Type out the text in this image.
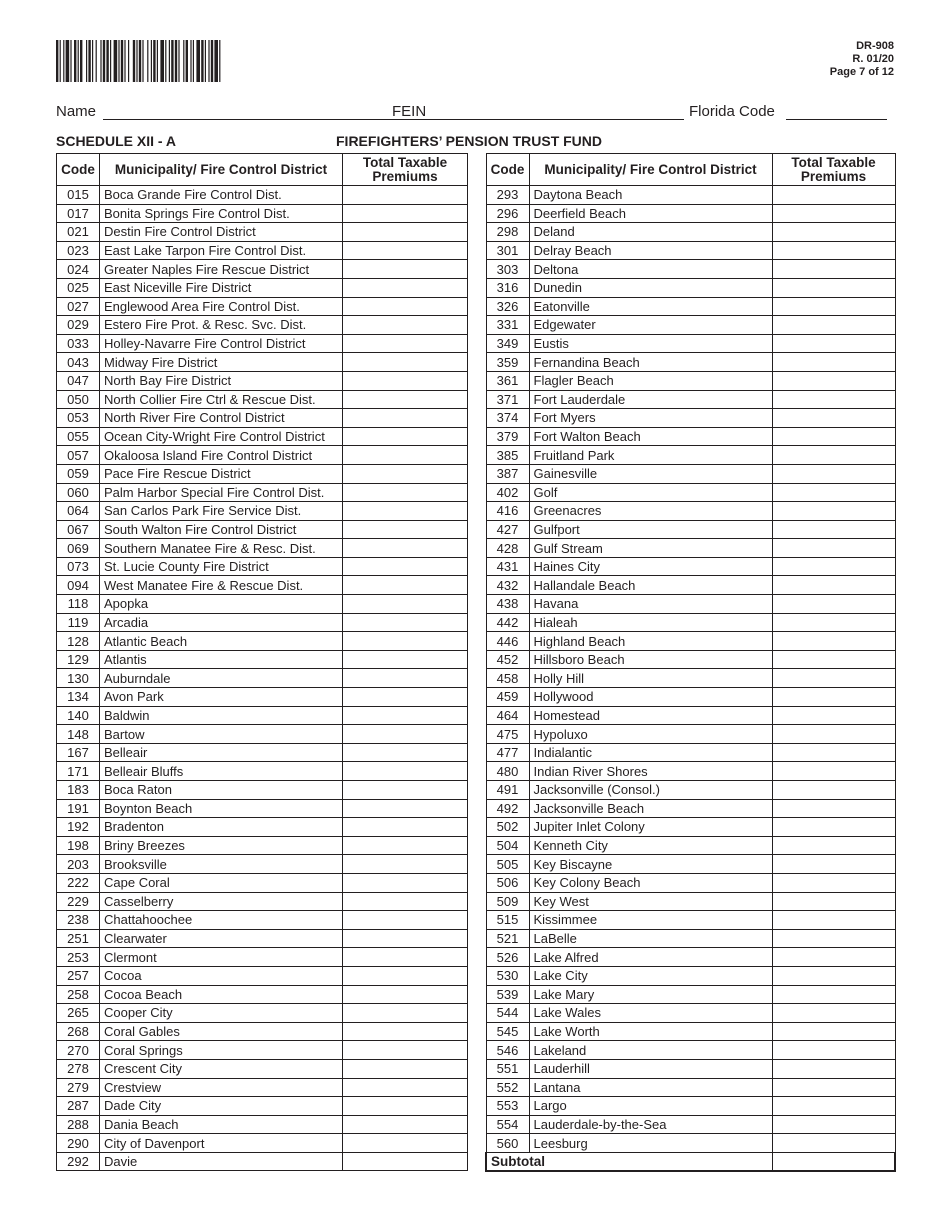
DR-908
R. 01/20
Page 7 of 12
Name	FEIN	Florida Code
SCHEDULE XII - A	FIREFIGHTERS’ PENSION TRUST FUND
Code	Municipality/ Fire Control District	Total Taxable Premiums
015	Boca Grande Fire Control Dist.	
017	Bonita Springs Fire Control Dist.	
021	Destin Fire Control District	
023	East Lake Tarpon Fire Control Dist.	
024	Greater Naples Fire Rescue District	
025	East Niceville Fire District	
027	Englewood Area Fire Control Dist.	
029	Estero Fire Prot. & Resc. Svc. Dist.	
033	Holley-Navarre Fire Control District	
043	Midway Fire District	
047	North Bay Fire District	
050	North Collier Fire Ctrl & Rescue Dist.	
053	North River Fire Control District	
055	Ocean City-Wright Fire Control District	
057	Okaloosa Island Fire Control District	
059	Pace Fire Rescue District	
060	Palm Harbor Special Fire Control Dist.	
064	San Carlos Park Fire Service Dist.	
067	South Walton Fire Control District	
069	Southern Manatee Fire & Resc. Dist.	
073	St. Lucie County Fire District	
094	West Manatee Fire & Rescue Dist.	
118	Apopka	
119	Arcadia	
128	Atlantic Beach	
129	Atlantis	
130	Auburndale	
134	Avon Park	
140	Baldwin	
148	Bartow	
167	Belleair	
171	Belleair Bluffs	
183	Boca Raton	
191	Boynton Beach	
192	Bradenton	
198	Briny Breezes	
203	Brooksville	
222	Cape Coral	
229	Casselberry	
238	Chattahoochee	
251	Clearwater	
253	Clermont	
257	Cocoa	
258	Cocoa Beach	
265	Cooper City	
268	Coral Gables	
270	Coral Springs	
278	Crescent City	
279	Crestview	
287	Dade City	
288	Dania Beach	
290	City of Davenport	
292	Davie	
Code	Municipality/ Fire Control District	Total Taxable Premiums
293	Daytona Beach	
296	Deerfield Beach	
298	Deland	
301	Delray Beach	
303	Deltona	
316	Dunedin	
326	Eatonville	
331	Edgewater	
349	Eustis	
359	Fernandina Beach	
361	Flagler Beach	
371	Fort Lauderdale	
374	Fort Myers	
379	Fort Walton Beach	
385	Fruitland Park	
387	Gainesville	
402	Golf	
416	Greenacres	
427	Gulfport	
428	Gulf Stream	
431	Haines City	
432	Hallandale Beach	
438	Havana	
442	Hialeah	
446	Highland Beach	
452	Hillsboro Beach	
458	Holly Hill	
459	Hollywood	
464	Homestead	
475	Hypoluxo	
477	Indialantic	
480	Indian River Shores	
491	Jacksonville (Consol.)	
492	Jacksonville Beach	
502	Jupiter Inlet Colony	
504	Kenneth City	
505	Key Biscayne	
506	Key Colony Beach	
509	Key West	
515	Kissimmee	
521	LaBelle	
526	Lake Alfred	
530	Lake City	
539	Lake Mary	
544	Lake Wales	
545	Lake Worth	
546	Lakeland	
551	Lauderhill	
552	Lantana	
553	Largo	
554	Lauderdale-by-the-Sea	
560	Leesburg	
Subtotal		
